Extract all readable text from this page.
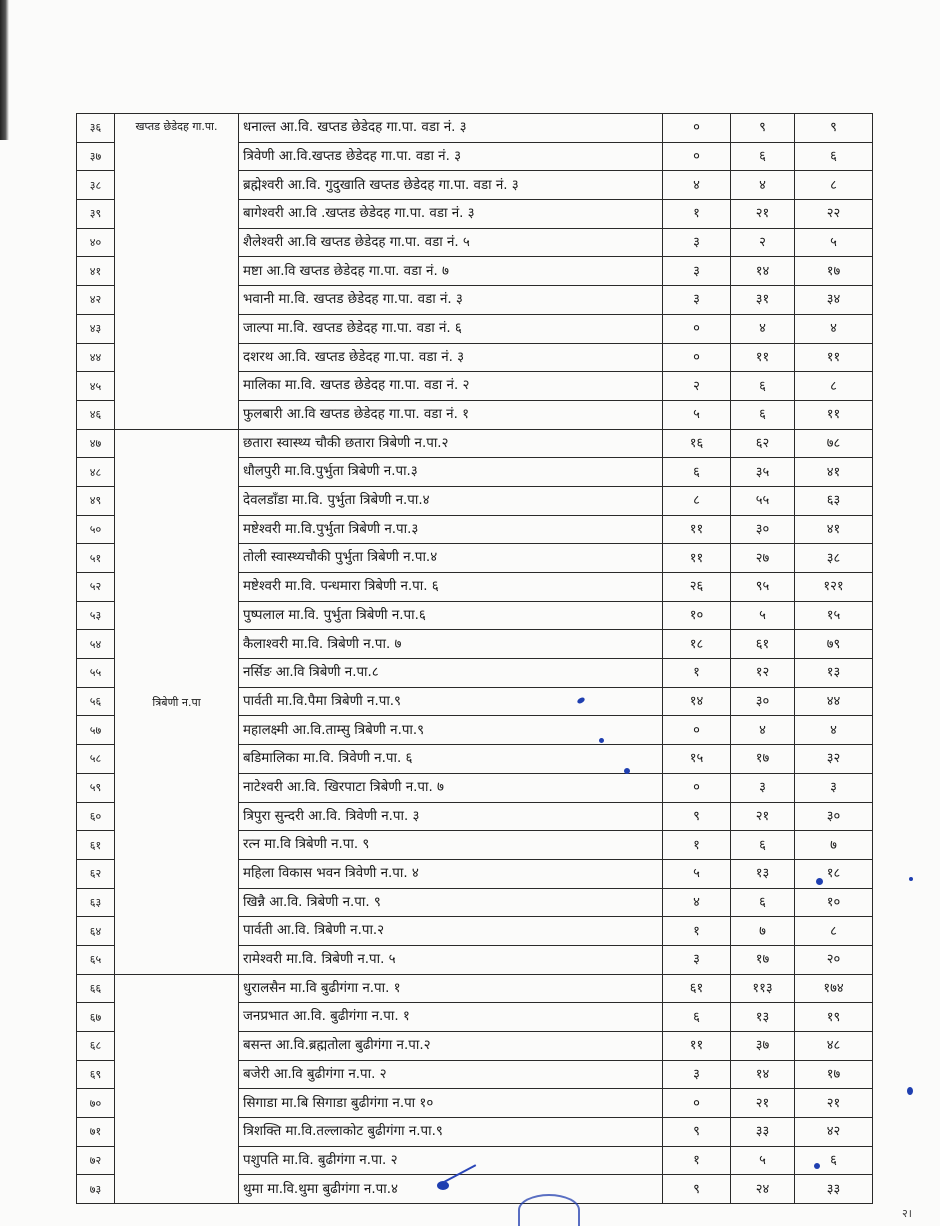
३६	खप्तड छेडेदह गा.पा.	धनाल्त आ.वि. खप्तड छेडेदह गा.पा. वडा नं. ३	०	९	९
३७		त्रिवेणी आ.वि.खप्तड छेडेदह गा.पा. वडा नं. ३	०	६	६
३८		ब्रह्मेश्वरी आ.वि. गुदुखाति खप्तड छेडेदह गा.पा. वडा नं. ३	४	४	८
३९		बागेश्वरी आ.वि .खप्तड छेडेदह गा.पा. वडा नं. ३	१	२१	२२
४०		शैलेश्वरी आ.वि खप्तड छेडेदह गा.पा. वडा नं. ५	३	२	५
४१		मष्टा आ.वि खप्तड छेडेदह गा.पा. वडा नं. ७	३	१४	१७
४२		भवानी मा.वि. खप्तड छेडेदह गा.पा. वडा नं. ३	३	३१	३४
४३		जाल्पा मा.वि. खप्तड छेडेदह गा.पा. वडा नं. ६	०	४	४
४४		दशरथ आ.वि. खप्तड छेडेदह गा.पा. वडा नं. ३	०	११	११
४५		मालिका मा.वि. खप्तड छेडेदह गा.पा. वडा नं. २	२	६	८
४६		फुलबारी आ.वि खप्तड छेडेदह गा.पा. वडा नं. १	५	६	११
४७	त्रिबेणी न.पा	छतारा स्वास्थ्य चौकी छतारा त्रिबेणी न.पा.२	१६	६२	७८
४८		धौलपुरी मा.वि.पुर्भुता त्रिबेणी न.पा.३	६	३५	४१
४९		देवलडाँडा मा.वि. पुर्भुता त्रिबेणी न.पा.४	८	५५	६३
५०		मष्टेश्वरी मा.वि.पुर्भुता त्रिबेणी न.पा.३	११	३०	४१
५१		तोली स्वास्थ्यचौकी पुर्भुता त्रिबेणी न.पा.४	११	२७	३८
५२		मष्टेश्वरी मा.वि. पन्धमारा त्रिबेणी न.पा. ६	२६	९५	१२१
५३		पुष्पलाल मा.वि. पुर्भुता त्रिबेणी न.पा.६	१०	५	१५
५४		कैलाश्वरी मा.वि. त्रिबेणी न.पा. ७	१८	६१	७९
५५		नर्सिङ आ.वि त्रिबेणी न.पा.८	१	१२	१३
५६		पार्वती मा.वि.पैमा त्रिबेणी न.पा.९	१४	३०	४४
५७		महालक्ष्मी आ.वि.ताम्सु त्रिबेणी न.पा.९	०	४	४
५८		बडिमालिका मा.वि. त्रिवेणी न.पा. ६	१५	१७	३२
५९		नाटेश्वरी आ.वि. खिरपाटा त्रिबेणी न.पा. ७	०	३	३
६०		त्रिपुरा सुन्दरी आ.वि. त्रिवेणी न.पा. ३	९	२१	३०
६१		रत्न मा.वि त्रिबेणी न.पा. ९	१	६	७
६२		महिला विकास भवन त्रिवेणी न.पा. ४	५	१३	१८
६३		खिन्नै आ.वि. त्रिबेणी न.पा. ९	४	६	१०
६४		पार्वती आ.वि. त्रिबेणी न.पा.२	१	७	८
६५		रामेश्वरी मा.वि. त्रिबेणी न.पा. ५	३	१७	२०
६६		धुरालसैन मा.वि बुढीगंगा न.पा. १	६१	११३	१७४
६७		जनप्रभात आ.वि. बुढीगंगा न.पा. १	६	१३	१९
६८		बसन्त आ.वि.ब्रह्मतोला बुढीगंगा न.पा.२	११	३७	४८
६९		बजेरी आ.वि बुढीगंगा न.पा. २	३	१४	१७
७०		सिगाडा मा.बि सिगाडा बुढीगंगा न.पा १०	०	२१	२१
७१		त्रिशक्ति मा.वि.तल्लाकोट बुढीगंगा न.पा.९	९	३३	४२
७२		पशुपति मा.वि. बुढीगंगा न.पा. २	१	५	६
७३		थुमा मा.वि.थुमा बुढीगंगा न.पा.४	९	२४	३३
२।
